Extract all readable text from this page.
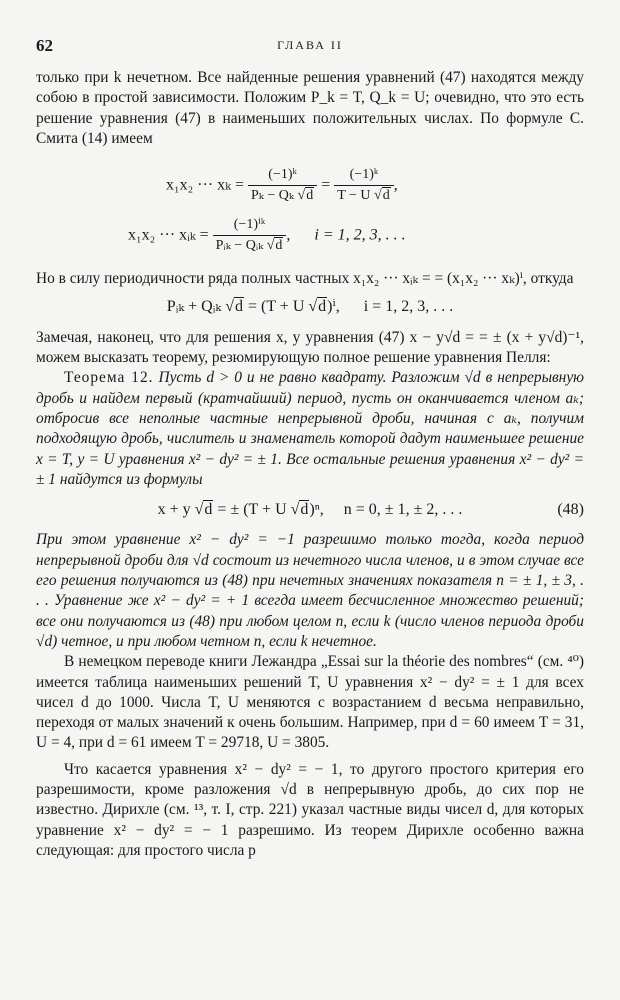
62	ГЛАВА II

только при k нечетном. Все найденные решения уравнений (47) находятся между собою в простой зависимости. Положим P_k = T, Q_k = U; очевидно, что это есть решение уравнения (47) в наименьших положительных числах. По формуле С. Смита (14) имеем

x₁x₂ ··· $x_k = \frac{\text{(−1)ᵏ}}{\text{Pₖ − Qₖ √d}} = \frac{\text{(−1)ᵏ}}{T - U √d}$ ,
x₁x₂ ··· xᵢₖ = $\frac{\text{(−1)ⁱᵏ}}{\text{Pᵢₖ − Qᵢₖ √d}}$ , i = 1, 2, 3, . . .

Но в силу периодичности ряда полных частных x₁x₂ ··· xᵢₖ = = (x₁x₂ ··· xₖ)ⁱ, откуда

Pᵢₖ + Qᵢₖ √d = (T + U √d)ⁱ, i = 1, 2, 3, . . .

Замечая, наконец, что для решения x, y уравнения (47) x − y√d = = ± (x + y√d)⁻¹, можем высказать теорему, резюмирующую полное решение уравнения Пелля:

Теорема 12. Пусть d > 0 и не равно квадрату. Разложим √d в непрерывную дробь и найдем первый (кратчайший) период, пусть он оканчивается членом aₖ; отбросив все неполные частные непрерывной дроби, начиная с aₖ, получим подходящую дробь, числитель и знаменатель которой дадут наименьшее решение x = T, y = U уравнения x² − dy² = ± 1. Все остальные решения уравнения x² − dy² = ± 1 найдутся из формулы

x + y √d = ± (T + U √d)ⁿ, n = 0, ± 1, ± 2, . . .	(48)

При этом уравнение x² − dy² = −1 разрешимо только тогда, когда период непрерывной дроби для √d состоит из нечетного числа членов, и в этом случае все его решения получаются из (48) при нечетных значениях показателя n = ± 1, ± 3, . . . Уравнение же x² − dy² = + 1 всегда имеет бесчисленное множество решений; все они получаются из (48) при любом целом n, если k (число членов периода дроби √d) четное, и при любом четном n, если k нечетное.

В немецком переводе книги Лежандра „Essai sur la théorie des nombres“ (см. ⁴⁰) имеется таблица наименьших решений T, U уравнения x² − dy² = ± 1 для всех чисел d до 1000. Числа T, U меняются с возрастанием d весьма неправильно, переходя от малых значений к очень большим. Например, при d = 60 имеем T = 31, U = 4, при d = 61 имеем T = 29718, U = 3805.

Что касается уравнения x² − dy² = − 1, то другого простого критерия его разрешимости, кроме разложения √d в непрерывную дробь, до сих пор не известно. Дирихле (см. ¹³, т. I, стр. 221) указал частные виды чисел d, для которых уравнение x² − dy² = − 1 разрешимо. Из теорем Дирихле особенно важна следующая: для простого числа p
